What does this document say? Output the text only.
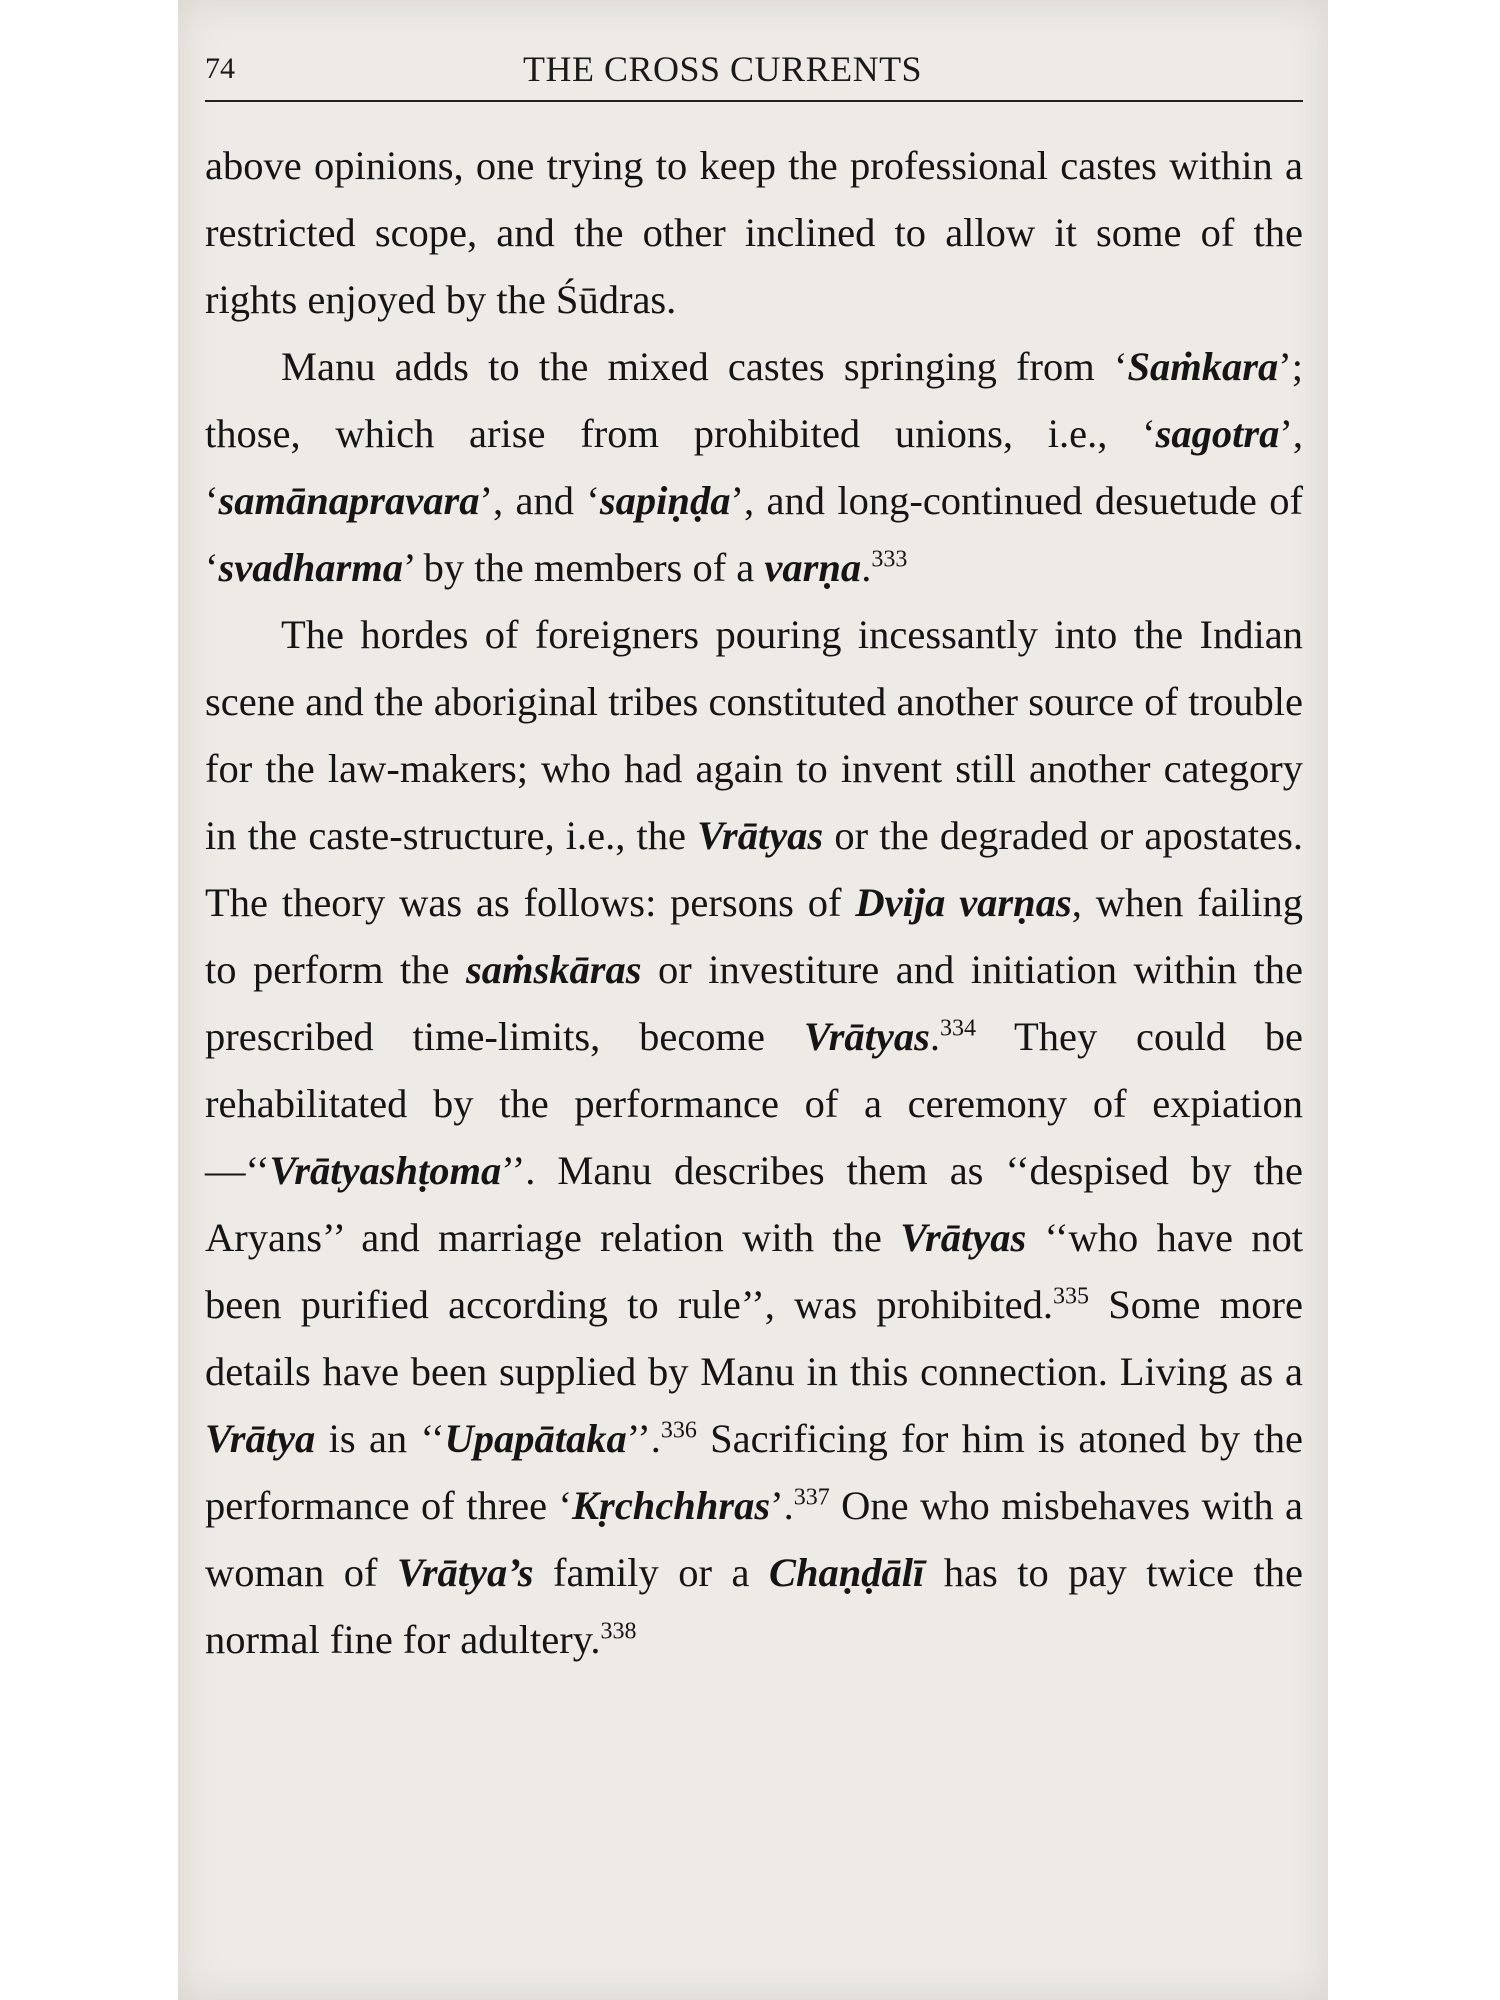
74	THE CROSS CURRENTS

above opinions, one trying to keep the professional castes within a restricted scope, and the other inclined to allow it some of the rights enjoyed by the Śūdras.

Manu adds to the mixed castes springing from ‘Saṁkara’; those, which arise from prohibited unions, i.e., ‘sagotra’, ‘samānapravara’, and ‘sapiṇḍa’, and long-continued desuetude of ‘svadharma’ by the members of a varṇa.$^{333}$

The hordes of foreigners pouring incessantly into the Indian scene and the aboriginal tribes constituted another source of trouble for the law-makers; who had again to invent still another category in the caste-structure, i.e., the Vrātyas or the degraded or apostates. The theory was as follows: persons of Dvija varṇas, when failing to perform the saṁskāras or investiture and initiation within the prescribed time-limits, become Vrātyas.$^{334}$ They could be rehabilitated by the performance of a ceremony of expiation—‘‘Vrātyashṭoma’’. Manu describes them as ‘‘despised by the Aryans’’ and marriage relation with the Vrātyas ‘‘who have not been purified according to rule’’, was prohibited.$^{335}$ Some more details have been supplied by Manu in this connection. Living as a Vrātya is an ‘‘Upapātaka’’.$^{336}$ Sacrificing for him is atoned by the performance of three ‘Kṛchchhras’.$^{337}$ One who misbehaves with a woman of Vrātya’s family or a Chaṇḍālī has to pay twice the normal fine for adultery.$^{338}$
